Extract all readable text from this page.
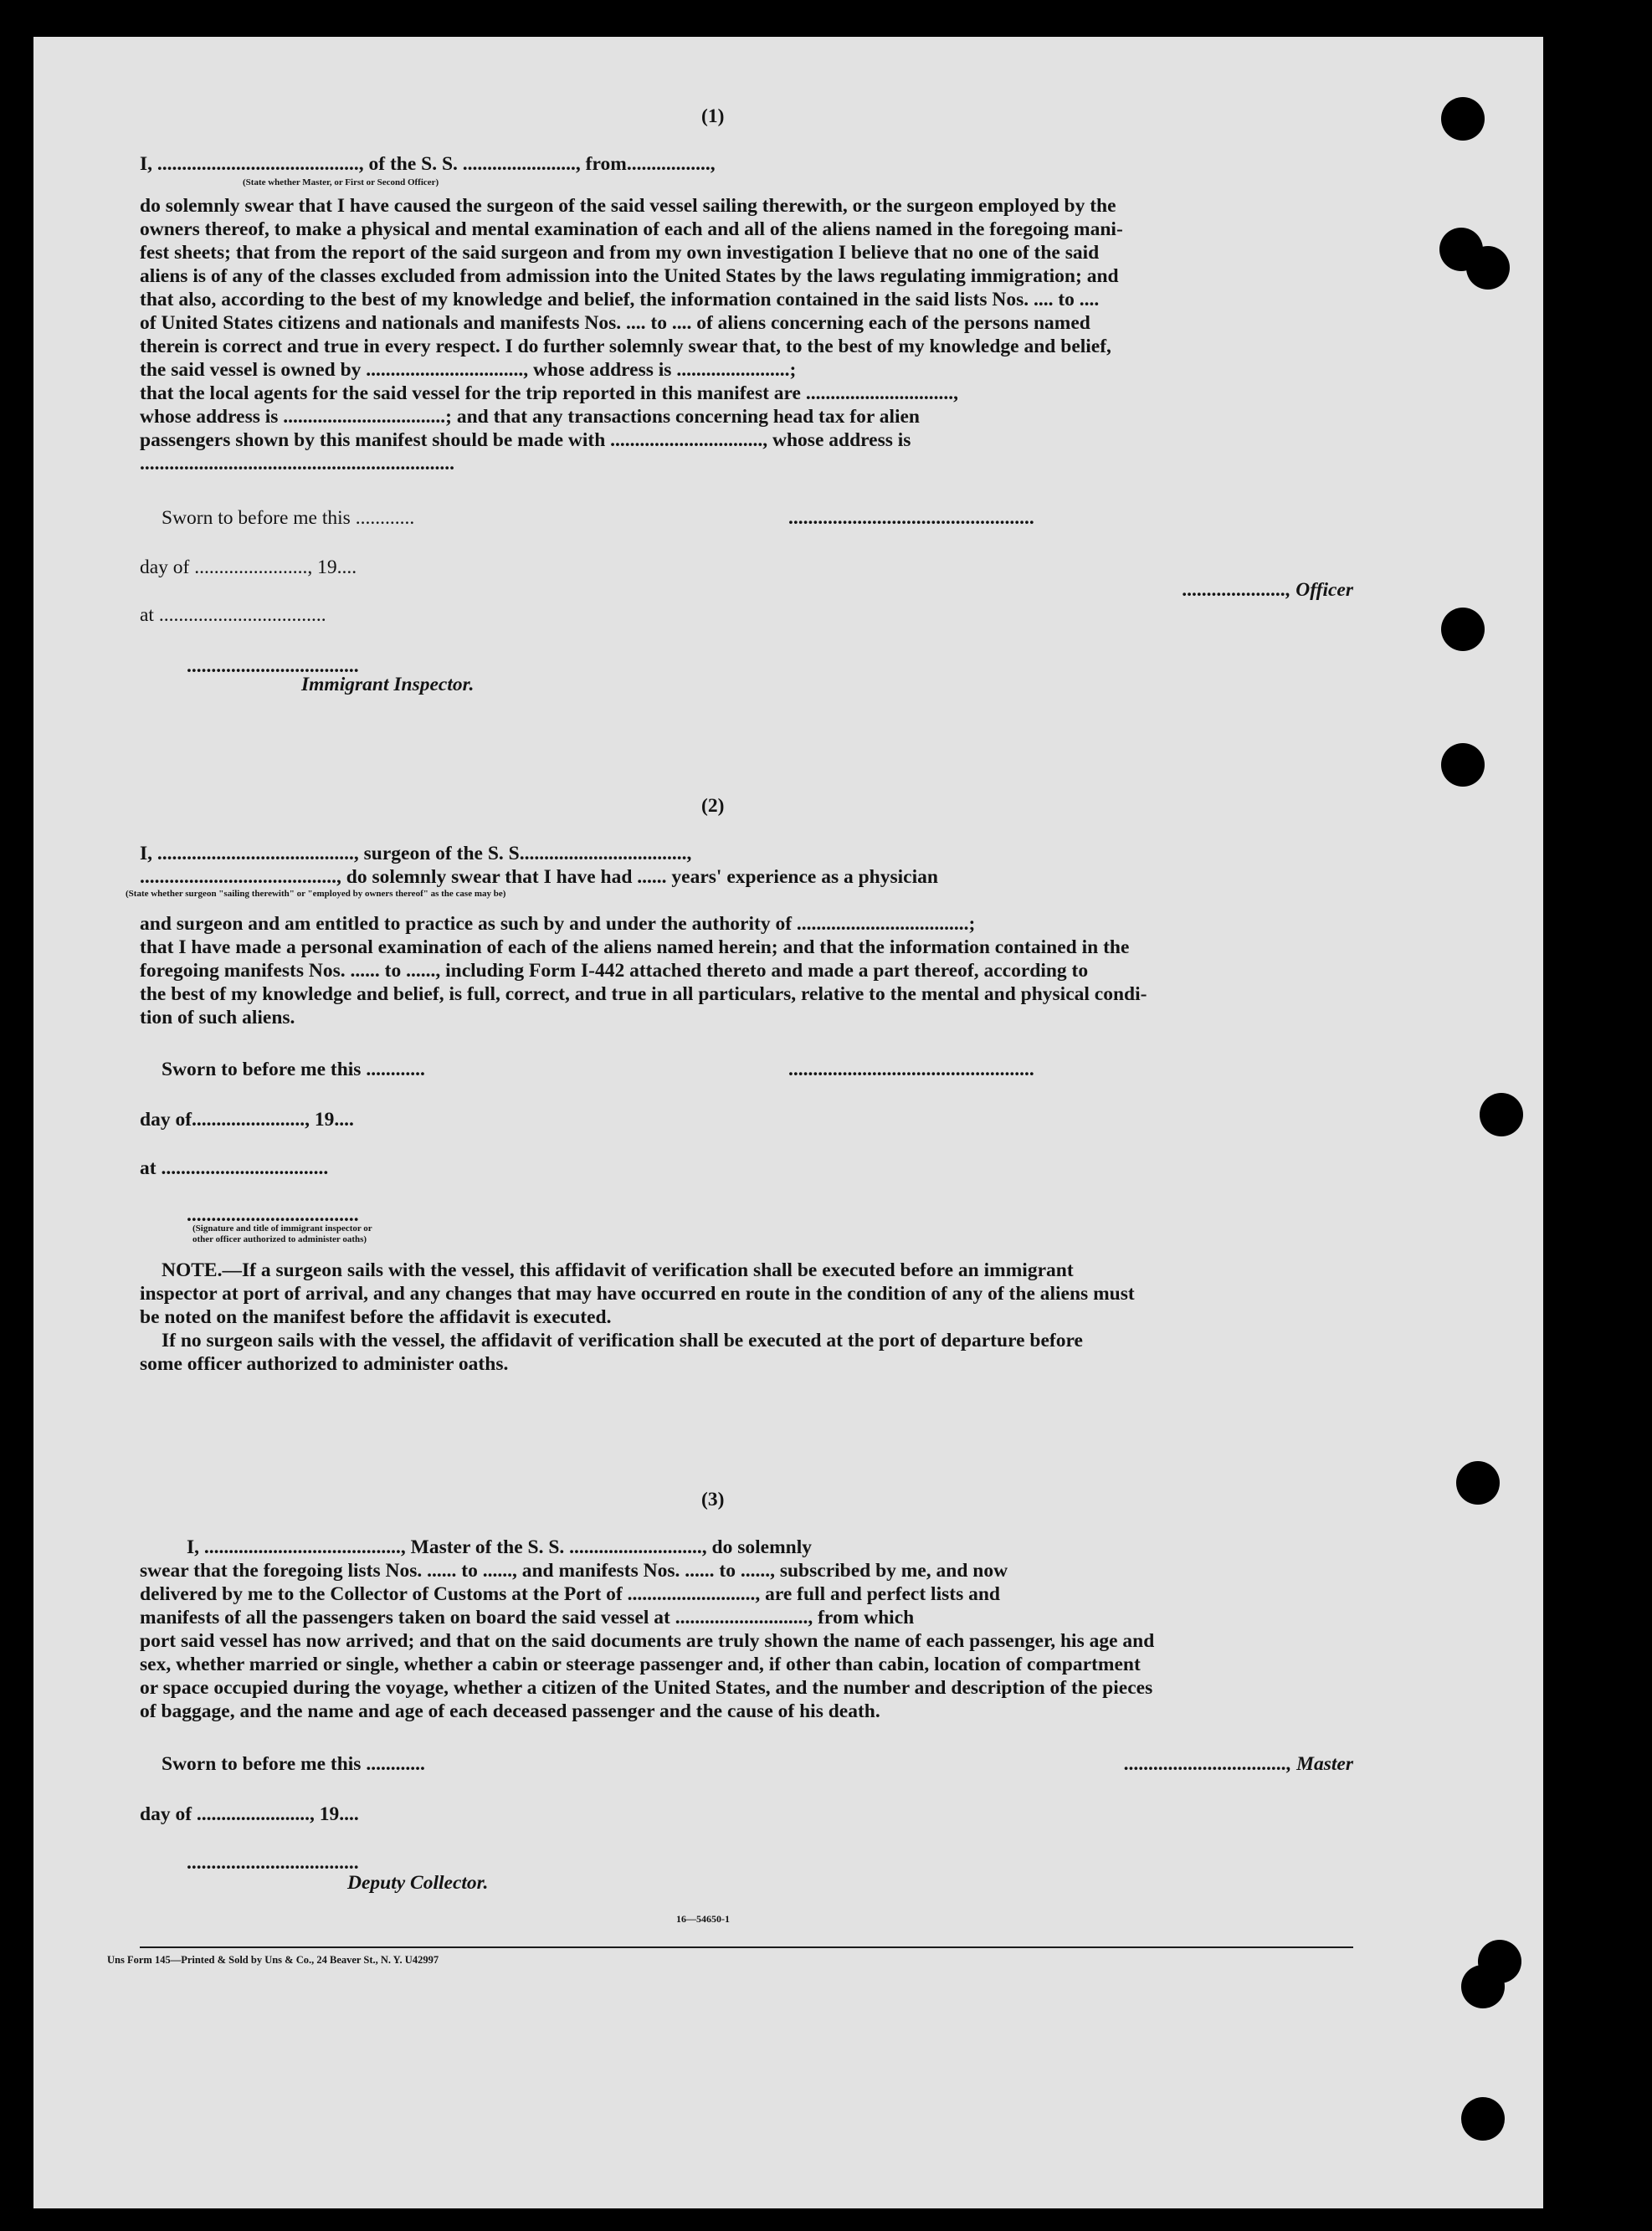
(1)
I, ........................................., of the S. S. ......................., from.................,
(State whether Master, or First or Second Officer)
do solemnly swear that I have caused the surgeon of the said vessel sailing therewith, or the surgeon employed by the
owners thereof, to make a physical and mental examination of each and all of the aliens named in the foregoing mani-
fest sheets; that from the report of the said surgeon and from my own investigation I believe that no one of the said
aliens is of any of the classes excluded from admission into the United States by the laws regulating immigration; and
that also, according to the best of my knowledge and belief, the information contained in the said lists Nos. .... to ....
of United States citizens and nationals and manifests Nos. .... to .... of aliens concerning each of the persons named
therein is correct and true in every respect. I do further solemnly swear that, to the best of my knowledge and belief,
the said vessel is owned by ................................, whose address is .......................;
that the local agents for the said vessel for the trip reported in this manifest are ..............................,
whose address is .................................; and that any transactions concerning head tax for alien
passengers shown by this manifest should be made with ..............................., whose address is
................................................................
Sworn to before me this ............	..................................................
day of ......................., 19....
....................., Officer
at ..................................
...................................
Immigrant Inspector.
(2)
I, ........................................, surgeon of the S. S..................................,
........................................, do solemnly swear that I have had ...... years' experience as a physician
(State whether surgeon "sailing therewith" or "employed by owners thereof" as the case may be)
and surgeon and am entitled to practice as such by and under the authority of ...................................;
that I have made a personal examination of each of the aliens named herein; and that the information contained in the
foregoing manifests Nos. ...... to ......, including Form I-442 attached thereto and made a part thereof, according to
the best of my knowledge and belief, is full, correct, and true in all particulars, relative to the mental and physical condi-
tion of such aliens.
Sworn to before me this ............	..................................................
day of......................., 19....
at ..................................
...................................
(Signature and title of immigrant inspector or
other officer authorized to administer oaths)
NOTE.—If a surgeon sails with the vessel, this affidavit of verification shall be executed before an immigrant
inspector at port of arrival, and any changes that may have occurred en route in the condition of any of the aliens must
be noted on the manifest before the affidavit is executed.
If no surgeon sails with the vessel, the affidavit of verification shall be executed at the port of departure before
some officer authorized to administer oaths.
(3)
I, ........................................, Master of the S. S. ..........................., do solemnly
swear that the foregoing lists Nos. ...... to ......, and manifests Nos. ...... to ......, subscribed by me, and now
delivered by me to the Collector of Customs at the Port of .........................., are full and perfect lists and
manifests of all the passengers taken on board the said vessel at ..........................., from which
port said vessel has now arrived; and that on the said documents are truly shown the name of each passenger, his age and
sex, whether married or single, whether a cabin or steerage passenger and, if other than cabin, location of compartment
or space occupied during the voyage, whether a citizen of the United States, and the number and description of the pieces
of baggage, and the name and age of each deceased passenger and the cause of his death.
Sworn to before me this ............	................................., Master
day of ......................., 19....
...................................
Deputy Collector.
16—54650-1
Uns Form 145—Printed & Sold by Uns & Co., 24 Beaver St., N. Y. U42997
